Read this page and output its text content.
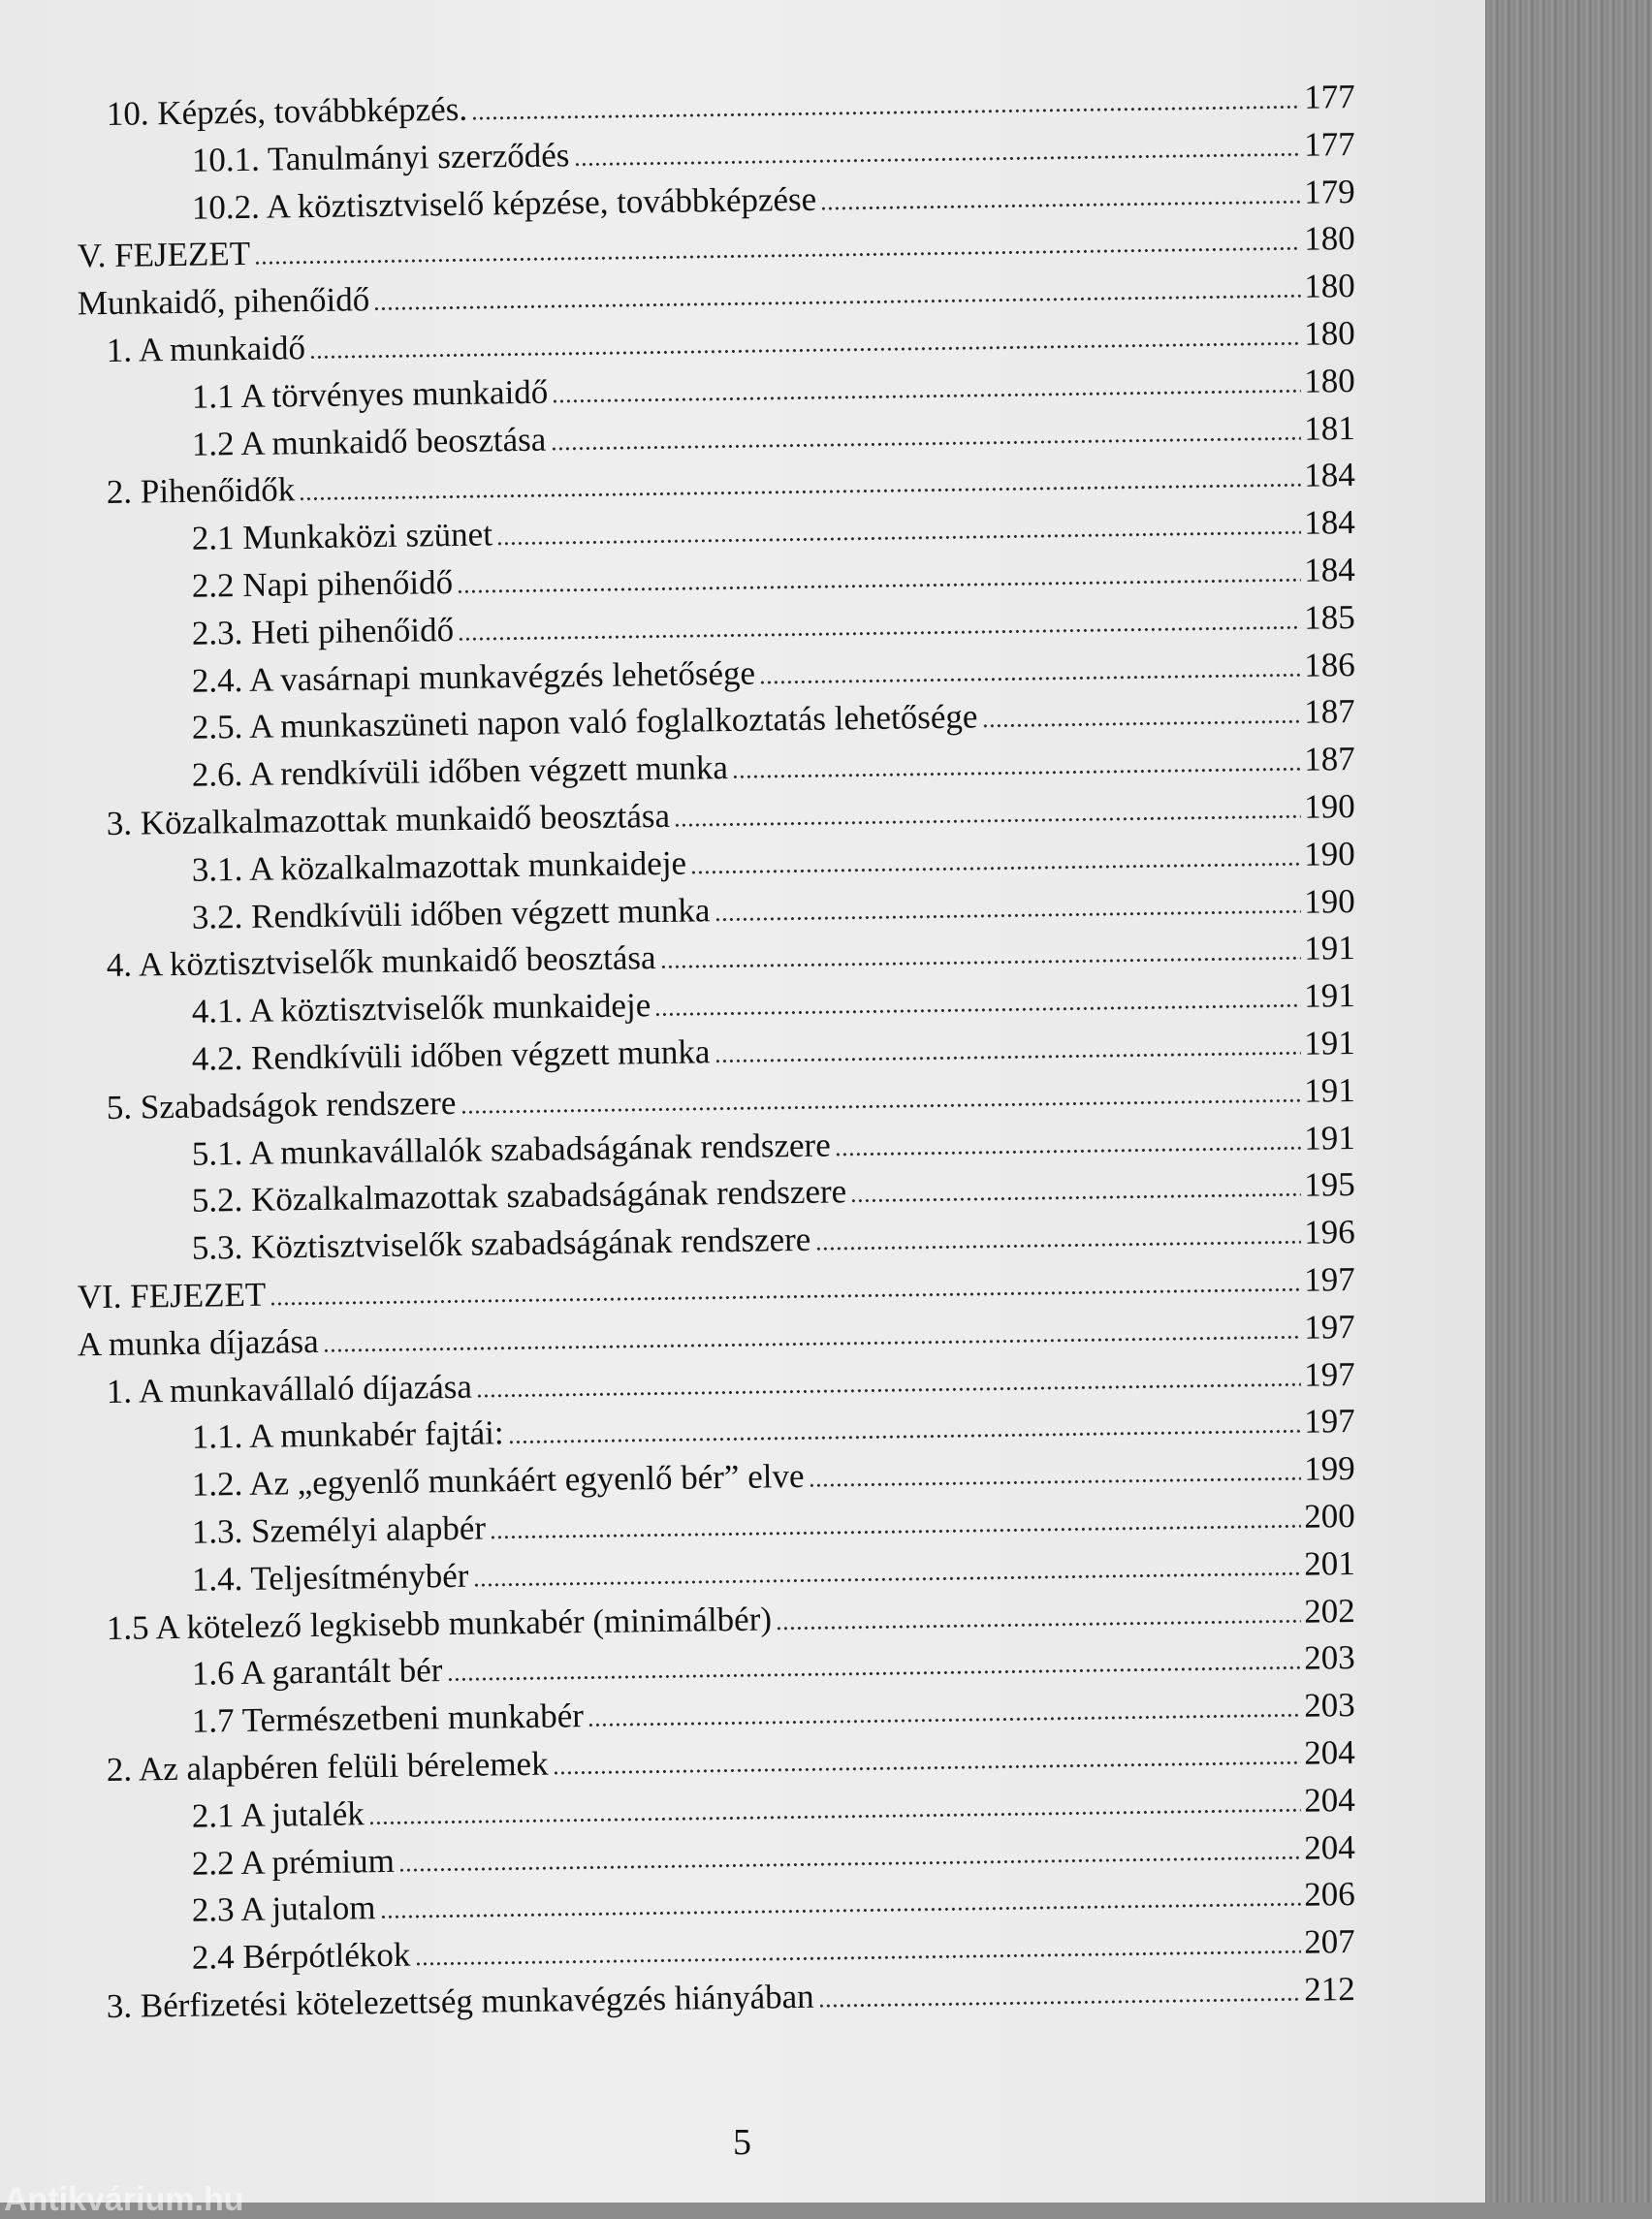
10. Képzés, továbbképzés.	177
10.1. Tanulmányi szerződés	177
10.2. A köztisztviselő képzése, továbbképzése	179
V. FEJEZET	180
Munkaidő, pihenőidő	180
1. A munkaidő	180
1.1 A törvényes munkaidő	180
1.2 A munkaidő beosztása	181
2. Pihenőidők	184
2.1 Munkaközi szünet	184
2.2 Napi pihenőidő	184
2.3. Heti pihenőidő	185
2.4. A vasárnapi munkavégzés lehetősége	186
2.5. A munkaszüneti napon való foglalkoztatás lehetősége	187
2.6. A rendkívüli időben végzett munka	187
3. Közalkalmazottak munkaidő beosztása	190
3.1. A közalkalmazottak munkaideje	190
3.2. Rendkívüli időben végzett munka	190
4. A köztisztviselők munkaidő beosztása	191
4.1. A köztisztviselők munkaideje	191
4.2. Rendkívüli időben végzett munka	191
5. Szabadságok rendszere	191
5.1. A munkavállalók szabadságának rendszere	191
5.2. Közalkalmazottak szabadságának rendszere	195
5.3. Köztisztviselők szabadságának rendszere	196
VI. FEJEZET	197
A munka díjazása	197
1. A munkavállaló díjazása	197
1.1. A munkabér fajtái:	197
1.2. Az „egyenlő munkáért egyenlő bér” elve	199
1.3. Személyi alapbér	200
1.4. Teljesítménybér	201
1.5 A kötelező legkisebb munkabér (minimálbér)	202
1.6 A garantált bér	203
1.7 Természetbeni munkabér	203
2. Az alapbéren felüli bérelemek	204
2.1 A jutalék	204
2.2 A prémium	204
2.3 A jutalom	206
2.4 Bérpótlékok	207
3. Bérfizetési kötelezettség munkavégzés hiányában	212
5
Antikvárium.hu
